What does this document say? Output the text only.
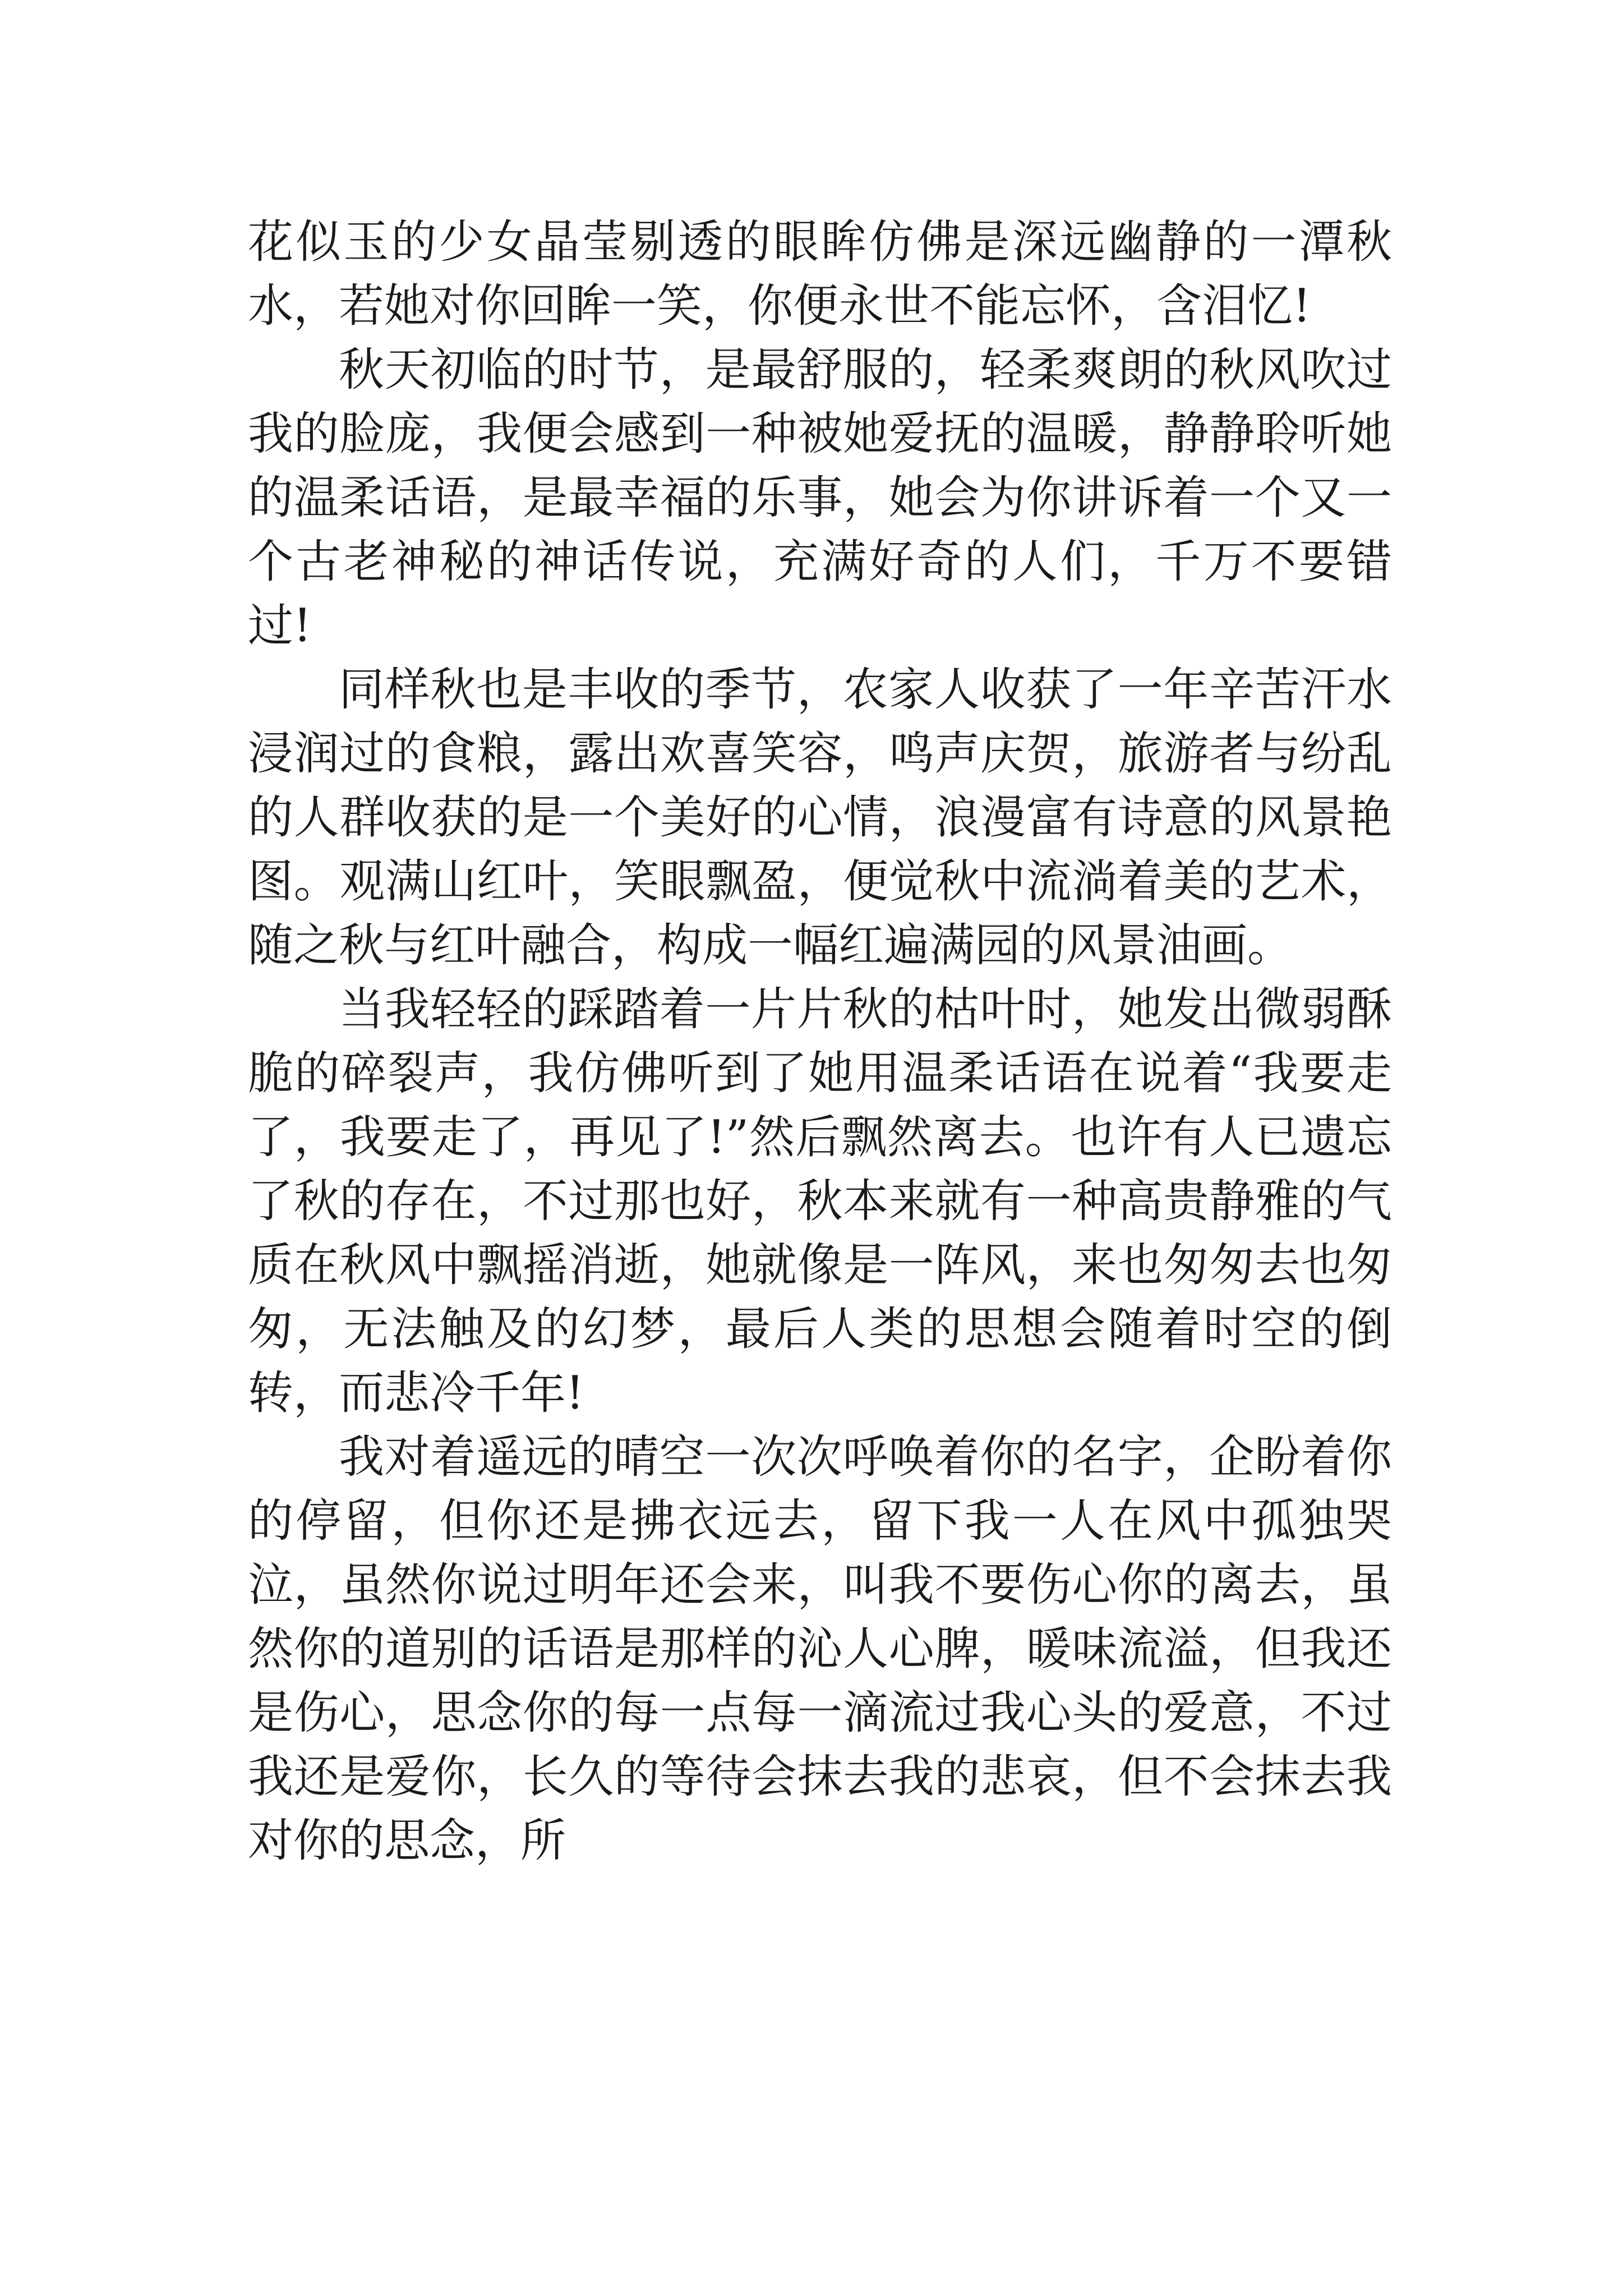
花似玉的少女晶莹剔透的眼眸仿佛是深远幽静的一潭秋水，若她对你回眸一笑，你便永世不能忘怀，含泪忆!

秋天初临的时节，是最舒服的，轻柔爽朗的秋风吹过我的脸庞，我便会感到一种被她爱抚的温暖，静静聆听她的温柔话语，是最幸福的乐事，她会为你讲诉着一个又一个古老神秘的神话传说，充满好奇的人们，千万不要错过!

同样秋也是丰收的季节，农家人收获了一年辛苦汗水浸润过的食粮，露出欢喜笑容，鸣声庆贺，旅游者与纷乱的人群收获的是一个美好的心情，浪漫富有诗意的风景艳图。观满山红叶，笑眼飘盈，便觉秋中流淌着美的艺术，随之秋与红叶融合，构成一幅红遍满园的风景油画。

当我轻轻的踩踏着一片片秋的枯叶时，她发出微弱酥脆的碎裂声，我仿佛听到了她用温柔话语在说着“我要走了，我要走了，再见了!”然后飘然离去。也许有人已遗忘了秋的存在，不过那也好，秋本来就有一种高贵静雅的气质在秋风中飘摇消逝，她就像是一阵风，来也匆匆去也匆匆，无法触及的幻梦，最后人类的思想会随着时空的倒转，而悲冷千年!

我对着遥远的晴空一次次呼唤着你的名字，企盼着你的停留，但你还是拂衣远去，留下我一人在风中孤独哭泣，虽然你说过明年还会来，叫我不要伤心你的离去，虽然你的道别的话语是那样的沁人心脾，暖味流溢，但我还是伤心，思念你的每一点每一滴流过我心头的爱意，不过我还是爱你，长久的等待会抹去我的悲哀，但不会抹去我对你的思念，所
